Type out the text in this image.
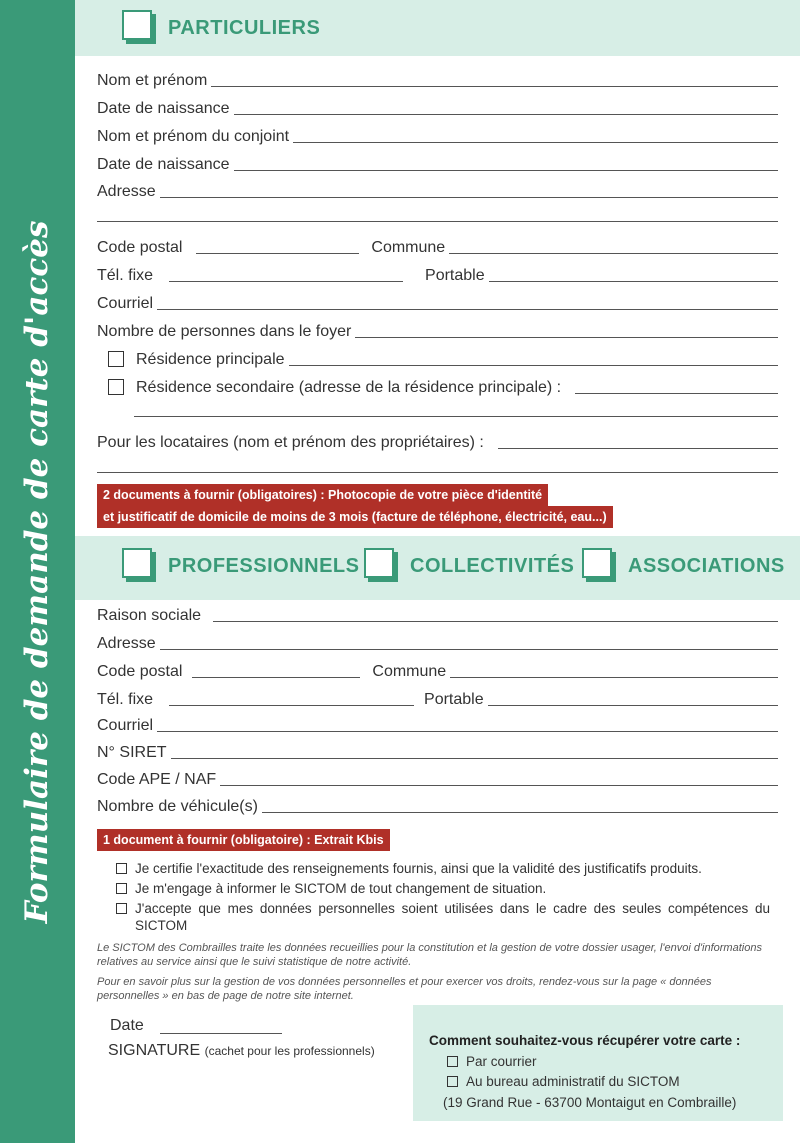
Formulaire de demande de carte d'accès
PARTICULIERS
Nom et prénom
Date de naissance
Nom et prénom du conjoint
Date de naissance
Adresse
Code postal	Commune
Tél. fixe	Portable
Courriel
Nombre de personnes dans le foyer
Résidence principale
Résidence secondaire (adresse de la résidence principale) :
Pour les locataires (nom et prénom des propriétaires) :
2 documents à fournir (obligatoires) : Photocopie de votre pièce d'identité
et justificatif de domicile de moins de 3 mois (facture de téléphone, électricité, eau...)
PROFESSIONNELS	COLLECTIVITÉS	ASSOCIATIONS
Raison sociale
Adresse
Code postal	Commune
Tél. fixe	Portable
Courriel
N° SIRET
Code APE / NAF
Nombre de véhicule(s)
1 document à fournir (obligatoire) : Extrait Kbis
Je certifie l'exactitude des renseignements fournis, ainsi que la validité des justificatifs produits.
Je m'engage à informer le SICTOM de tout changement de situation.
J'accepte que mes données personnelles soient utilisées dans le cadre des seules compétences du SICTOM
Le SICTOM des Combrailles traite les données recueillies pour la constitution et la gestion de votre dossier usager, l'envoi d'informations relatives au service ainsi que le suivi statistique de notre activité.
Pour en savoir plus sur la gestion de vos données personnelles et pour exercer vos droits, rendez-vous sur la page « données personnelles » en bas de page de notre site internet.
Date
SIGNATURE (cachet pour les professionnels)
Comment souhaitez-vous récupérer votre carte :
Par courrier
Au bureau administratif du SICTOM
(19 Grand Rue - 63700 Montaigut en Combraille)
